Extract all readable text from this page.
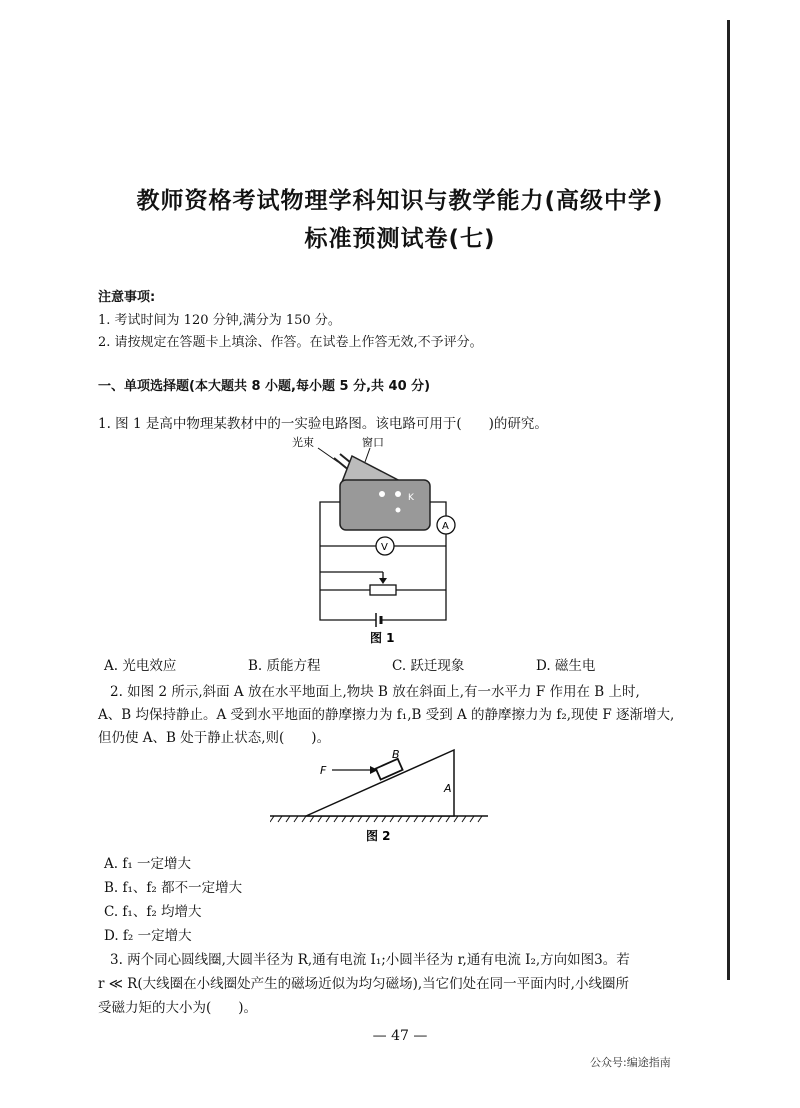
教师资格考试物理学科知识与教学能力(高级中学)
标准预测试卷(七)
注意事项:
1. 考试时间为 120 分钟,满分为 150 分。
2. 请按规定在答题卡上填涂、作答。在试卷上作答无效,不予评分。
一、单项选择题(本大题共 8 小题,每小题 5 分,共 40 分)
1. 图 1 是高中物理某教材中的一实验电路图。该电路可用于(　　)的研究。
光束	窗口
K
A
V
图 1
A. 光电效应	B. 质能方程	C. 跃迁现象	D. 磁生电
2. 如图 2 所示,斜面 A 放在水平地面上,物块 B 放在斜面上,有一水平力 F 作用在 B 上时,
A、B 均保持静止。A 受到水平地面的静摩擦力为 f₁,B 受到 A 的静摩擦力为 f₂,现使 F 逐渐增大,
但仍使 A、B 处于静止状态,则(　　)。
F
B
A
图 2
A. f₁ 一定增大
B. f₁、f₂ 都不一定增大
C. f₁、f₂ 均增大
D. f₂ 一定增大
3. 两个同心圆线圈,大圆半径为 R,通有电流 I₁;小圆半径为 r,通有电流 I₂,方向如图3。若
r ≪ R(大线圈在小线圈处产生的磁场近似为均匀磁场),当它们处在同一平面内时,小线圈所
受磁力矩的大小为(　　)。
— 47 —
公众号:编途指南
